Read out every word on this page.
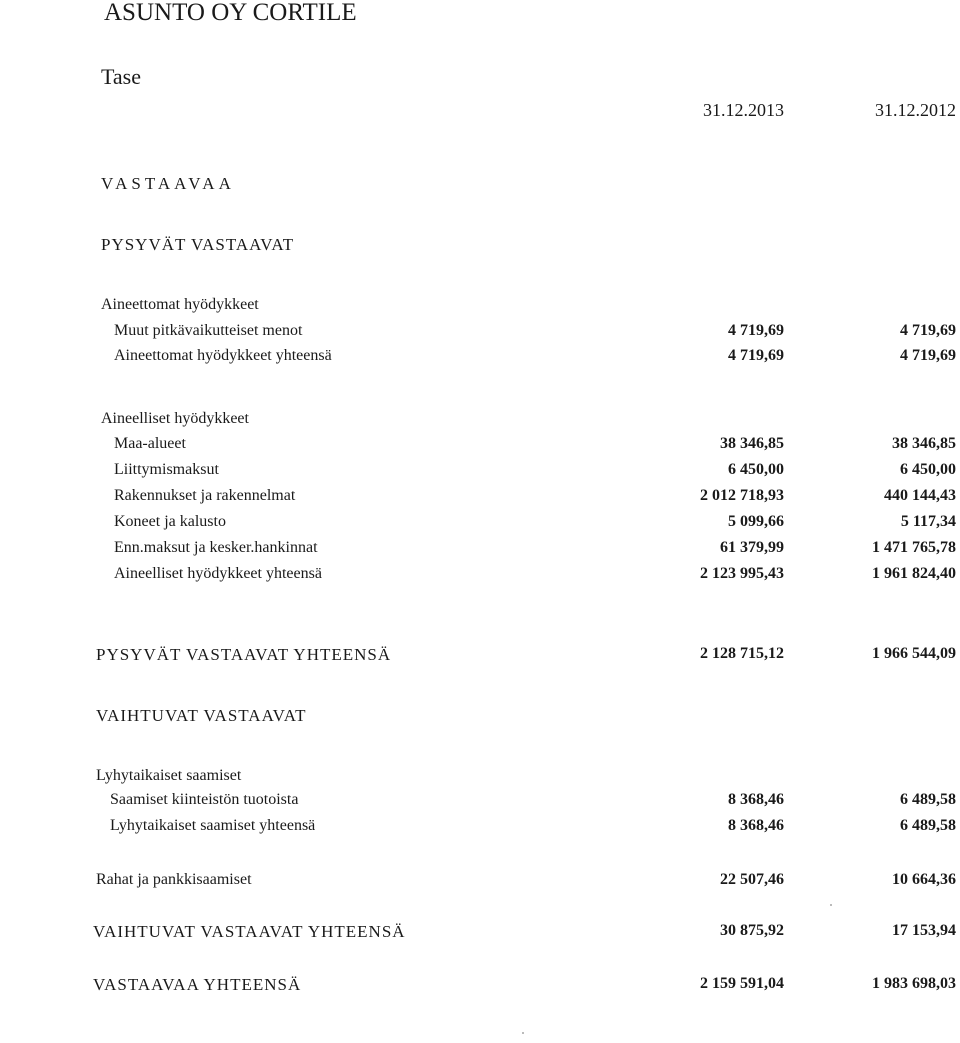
ASUNTO OY CORTILE
Tase
31.12.2013	31.12.2012
VASTAAVAA
PYSYVÄT VASTAAVAT
Aineettomat hyödykkeet
Muut pitkävaikutteiset menot	4 719,69	4 719,69
Aineettomat hyödykkeet yhteensä	4 719,69	4 719,69
Aineelliset hyödykkeet
Maa-alueet	38 346,85	38 346,85
Liittymismaksut	6 450,00	6 450,00
Rakennukset ja rakennelmat	2 012 718,93	440 144,43
Koneet ja kalusto	5 099,66	5 117,34
Enn.maksut ja kesker.hankinnat	61 379,99	1 471 765,78
Aineelliset hyödykkeet yhteensä	2 123 995,43	1 961 824,40
PYSYVÄT VASTAAVAT YHTEENSÄ	2 128 715,12	1 966 544,09
VAIHTUVAT VASTAAVAT
Lyhytaikaiset saamiset
Saamiset kiinteistön tuotoista	8 368,46	6 489,58
Lyhytaikaiset saamiset yhteensä	8 368,46	6 489,58
Rahat ja pankkisaamiset	22 507,46	10 664,36
VAIHTUVAT VASTAAVAT YHTEENSÄ	30 875,92	17 153,94
VASTAAVAA YHTEENSÄ	2 159 591,04	1 983 698,03
